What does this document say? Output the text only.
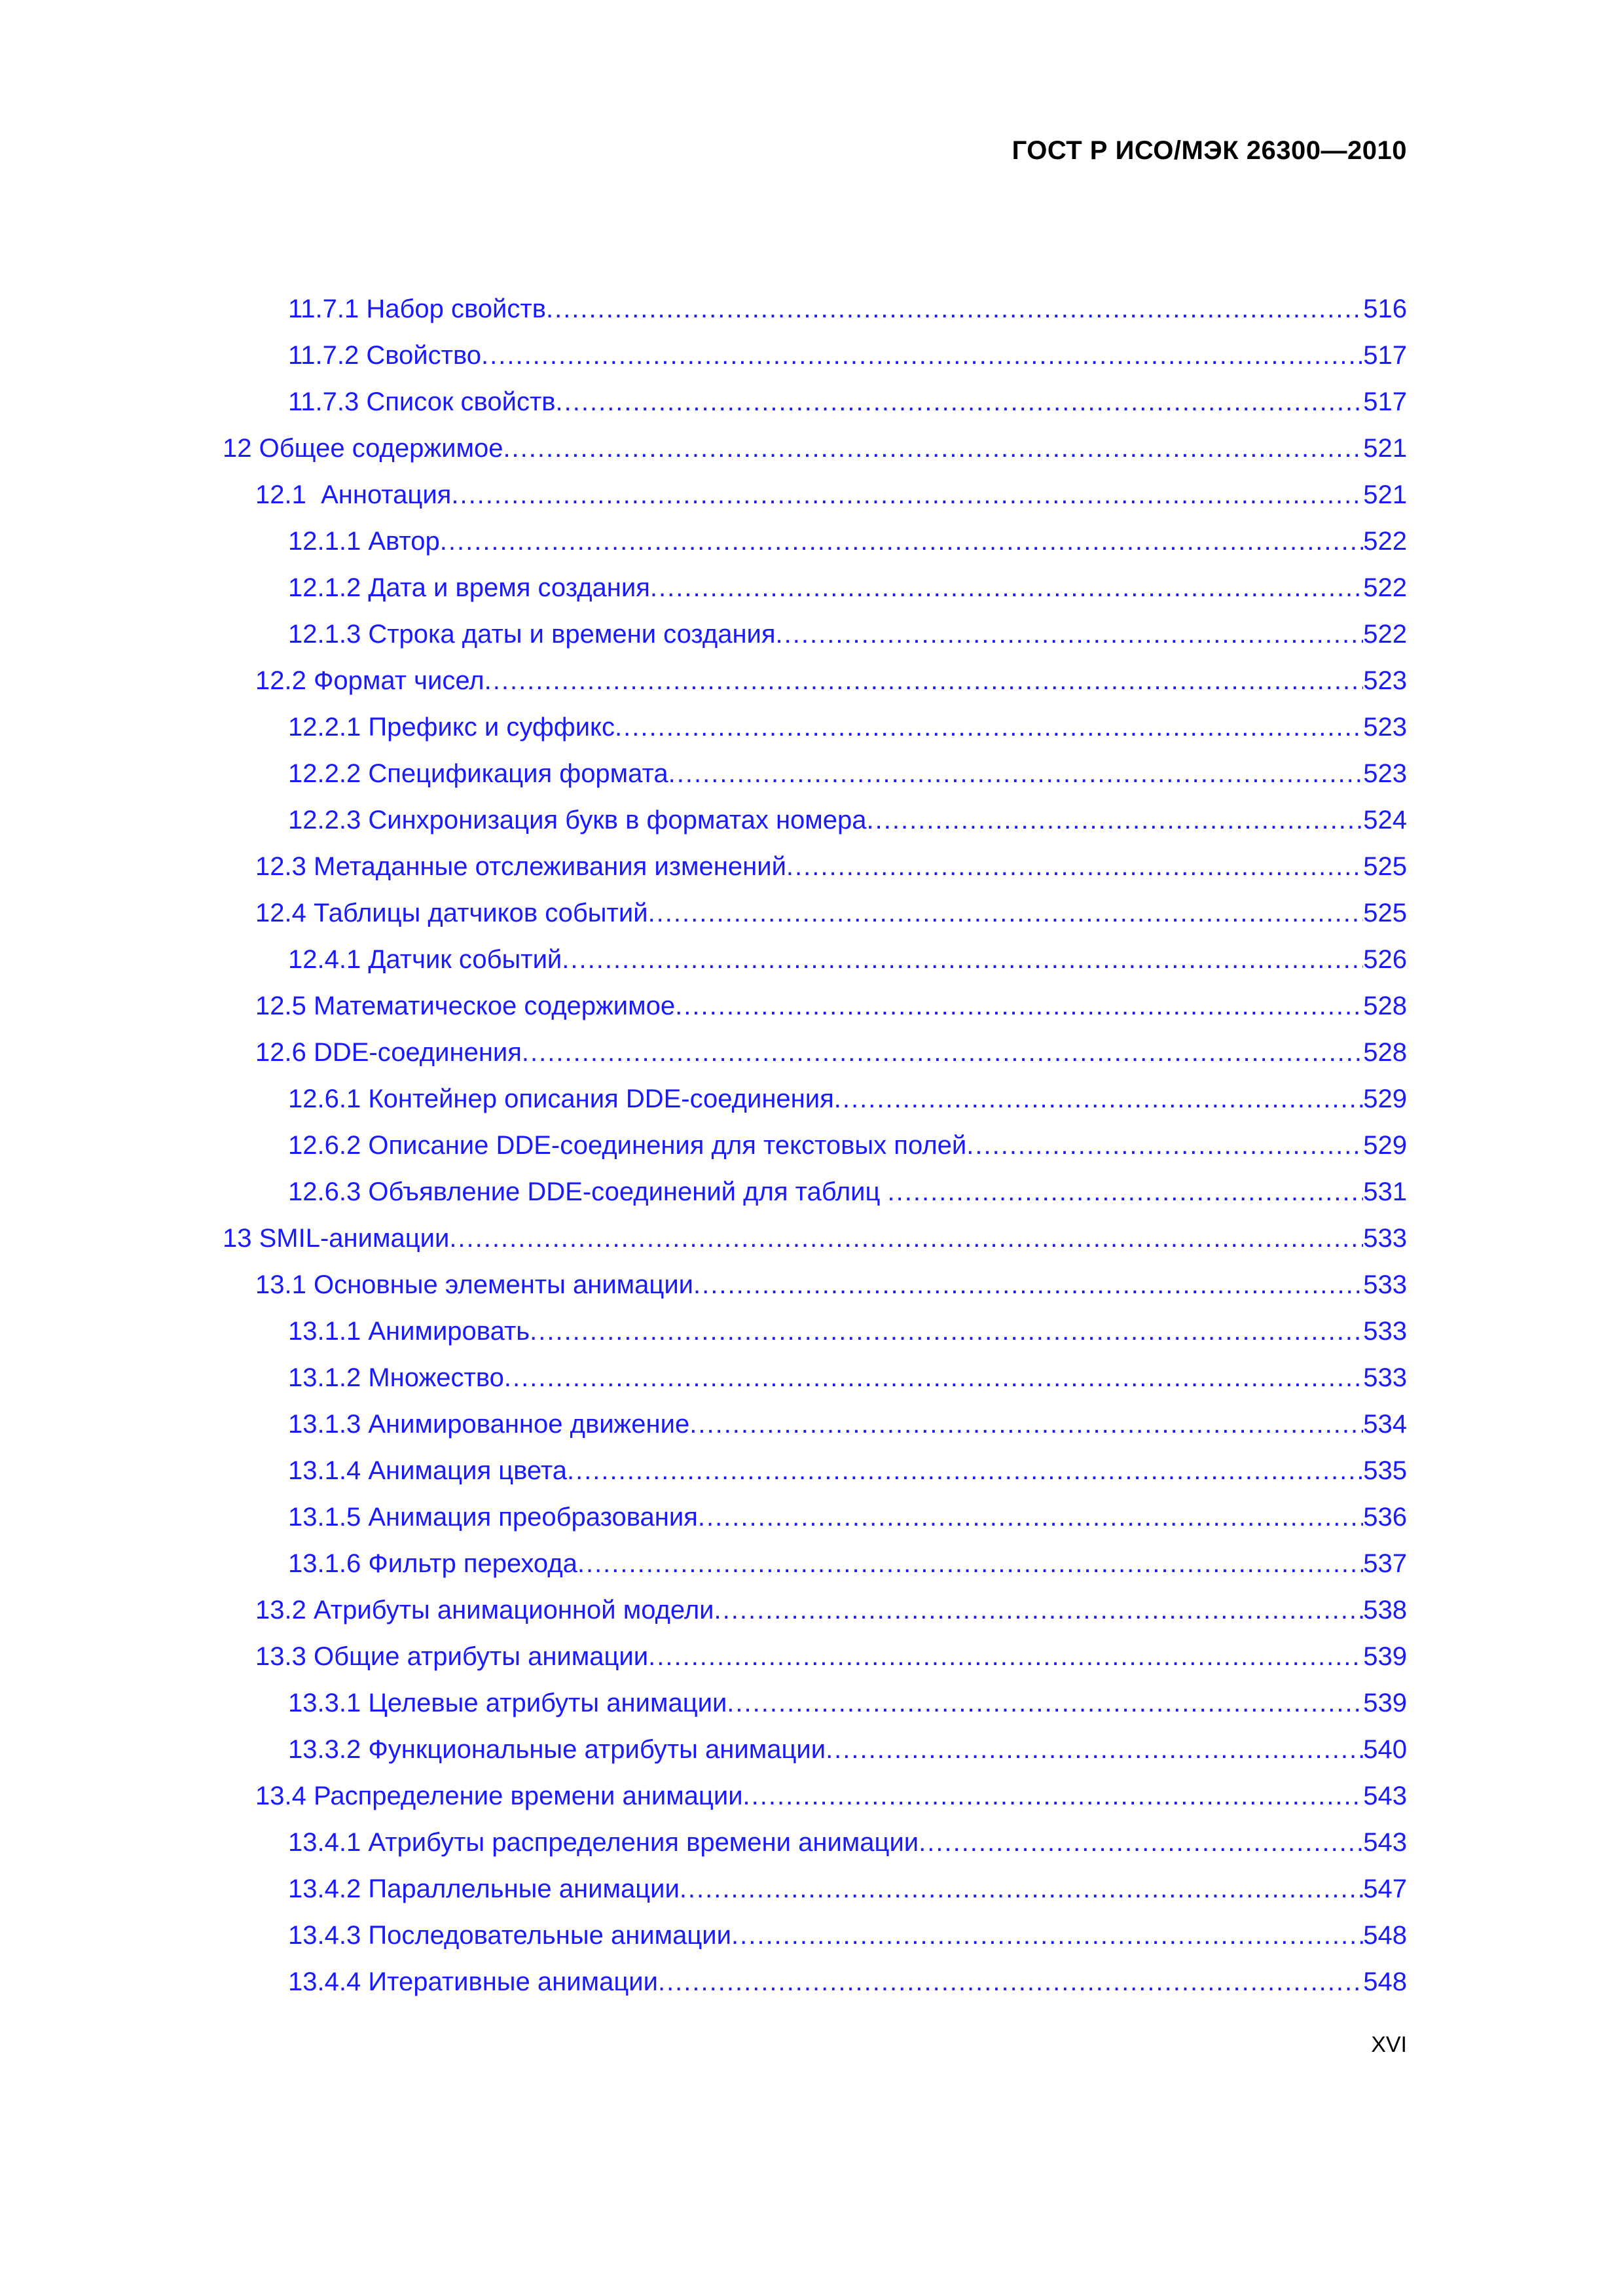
ГОСТ Р ИСО/МЭК 26300—2010
11.7.1 Набор свойств .....	516
11.7.2 Свойство .....	517
11.7.3 Список свойств .....	517
12 Общее содержимое .....	521
12.1  Аннотация .....	521
12.1.1 Автор .....	522
12.1.2 Дата и время создания .....	522
12.1.3 Строка даты и времени создания .....	522
12.2 Формат чисел .....	523
12.2.1 Префикс и суффикс .....	523
12.2.2 Спецификация формата .....	523
12.2.3 Синхронизация букв в форматах номера .....	524
12.3 Метаданные отслеживания изменений .....	525
12.4 Таблицы датчиков событий .....	525
12.4.1 Датчик событий .....	526
12.5 Математическое содержимое .....	528
12.6 DDE-соединения .....	528
12.6.1 Контейнер описания DDE-соединения .....	529
12.6.2 Описание DDE-соединения для текстовых полей .....	529
12.6.3 Объявление DDE-соединений для таблиц .....	531
13 SMIL-анимации .....	533
13.1 Основные элементы анимации .....	533
13.1.1 Анимировать .....	533
13.1.2 Множество .....	533
13.1.3 Анимированное движение .....	534
13.1.4 Анимация цвета .....	535
13.1.5 Анимация преобразования .....	536
13.1.6 Фильтр перехода .....	537
13.2 Атрибуты анимационной модели .....	538
13.3 Общие атрибуты анимации .....	539
13.3.1 Целевые атрибуты анимации .....	539
13.3.2 Функциональные атрибуты анимации .....	540
13.4 Распределение времени анимации .....	543
13.4.1 Атрибуты распределения времени анимации .....	543
13.4.2 Параллельные анимации .....	547
13.4.3 Последовательные анимации .....	548
13.4.4 Итеративные анимации .....	548
XVI
